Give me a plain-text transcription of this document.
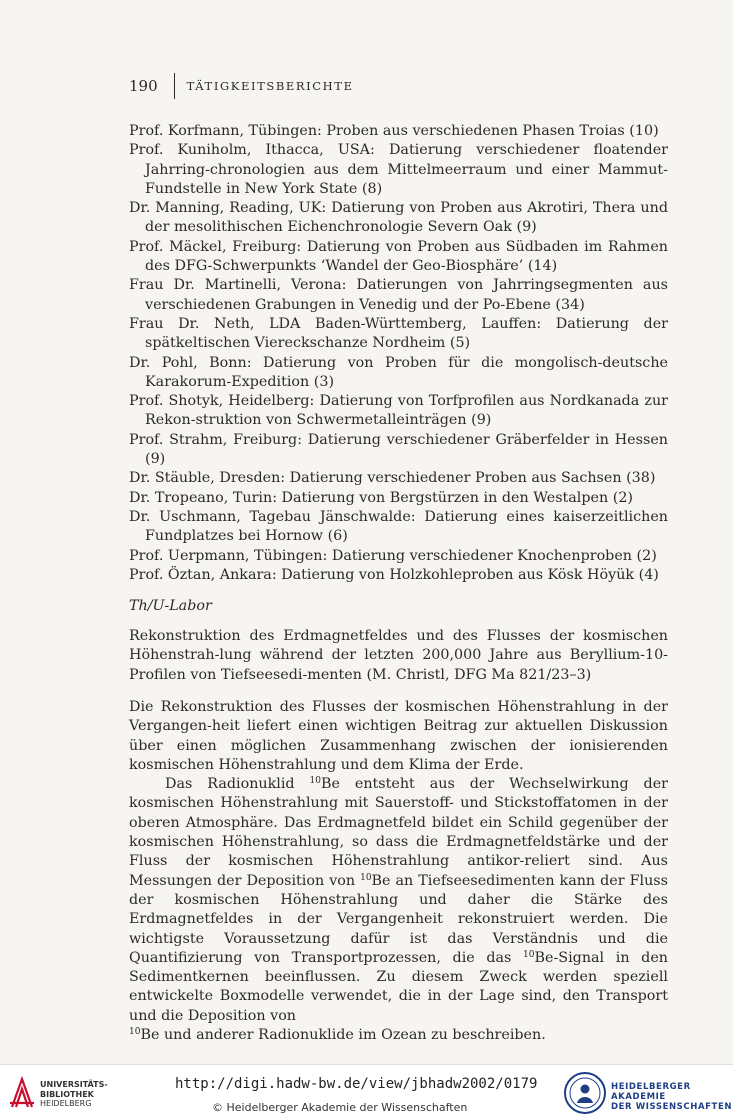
190	TÄTIGKEITSBERICHTE
Prof. Korfmann, Tübingen: Proben aus verschiedenen Phasen Troias (10)
Prof. Kuniholm, Ithacca, USA: Datierung verschiedener floatender Jahrring-chronologien aus dem Mittelmeerraum und einer Mammut-Fundstelle in New York State (8)
Dr. Manning, Reading, UK: Datierung von Proben aus Akrotiri, Thera und der mesolithischen Eichenchronologie Severn Oak (9)
Prof. Mäckel, Freiburg: Datierung von Proben aus Südbaden im Rahmen des DFG-Schwerpunkts ‘Wandel der Geo-Biosphäre’ (14)
Frau Dr. Martinelli, Verona: Datierungen von Jahrringsegmenten aus verschiedenen Grabungen in Venedig und der Po-Ebene (34)
Frau Dr. Neth, LDA Baden-Württemberg, Lauffen: Datierung der spätkeltischen Viereckschanze Nordheim (5)
Dr. Pohl, Bonn: Datierung von Proben für die mongolisch-deutsche Karakorum-Expedition (3)
Prof. Shotyk, Heidelberg: Datierung von Torfprofilen aus Nordkanada zur Rekon-struktion von Schwermetalleinträgen (9)
Prof. Strahm, Freiburg: Datierung verschiedener Gräberfelder in Hessen (9)
Dr. Stäuble, Dresden: Datierung verschiedener Proben aus Sachsen (38)
Dr. Tropeano, Turin: Datierung von Bergstürzen in den Westalpen (2)
Dr. Uschmann, Tagebau Jänschwalde: Datierung eines kaiserzeitlichen Fundplatzes bei Hornow (6)
Prof. Uerpmann, Tübingen: Datierung verschiedener Knochenproben (2)
Prof. Öztan, Ankara: Datierung von Holzkohleproben aus Kösk Höyük (4)
Th/U-Labor

Rekonstruktion des Erdmagnetfeldes und des Flusses der kosmischen Höhenstrah-lung während der letzten 200,000 Jahre aus Beryllium-10-Profilen von Tiefseesedi-menten (M. Christl, DFG Ma 821/23–3)

Die Rekonstruktion des Flusses der kosmischen Höhenstrahlung in der Vergangen-heit liefert einen wichtigen Beitrag zur aktuellen Diskussion über einen möglichen Zusammenhang zwischen der ionisierenden kosmischen Höhenstrahlung und dem Klima der Erde.

Das Radionuklid $^{10}$Be entsteht aus der Wechselwirkung der kosmischen Höhenstrahlung mit Sauerstoff- und Stickstoffatomen in der oberen Atmosphäre. Das Erdmagnetfeld bildet ein Schild gegenüber der kosmischen Höhenstrahlung, so dass die Erdmagnetfeldstärke und der Fluss der kosmischen Höhenstrahlung antikor-reliert sind. Aus Messungen der Deposition von $^{10}$Be an Tiefseesedimenten kann der Fluss der kosmischen Höhenstrahlung und daher die Stärke des Erdmagnetfeldes in der Vergangenheit rekonstruiert werden. Die wichtigste Voraussetzung dafür ist das Verständnis und die Quantifizierung von Transportprozessen, die das $^{10}$Be-Signal in den Sedimentkernen beeinflussen. Zu diesem Zweck werden speziell entwickelte Boxmodelle verwendet, die in der Lage sind, den Transport und die Deposition von
$^{10}$Be und anderer Radionuklide im Ozean zu beschreiben.

UNIVERSITÄTS-
BIBLIOTHEK
HEIDELBERG
http://digi.hadw-bw.de/view/jbhadw2002/0179
© Heidelberger Akademie der Wissenschaften
HEIDELBERGER AKADEMIE
DER WISSENSCHAFTEN
